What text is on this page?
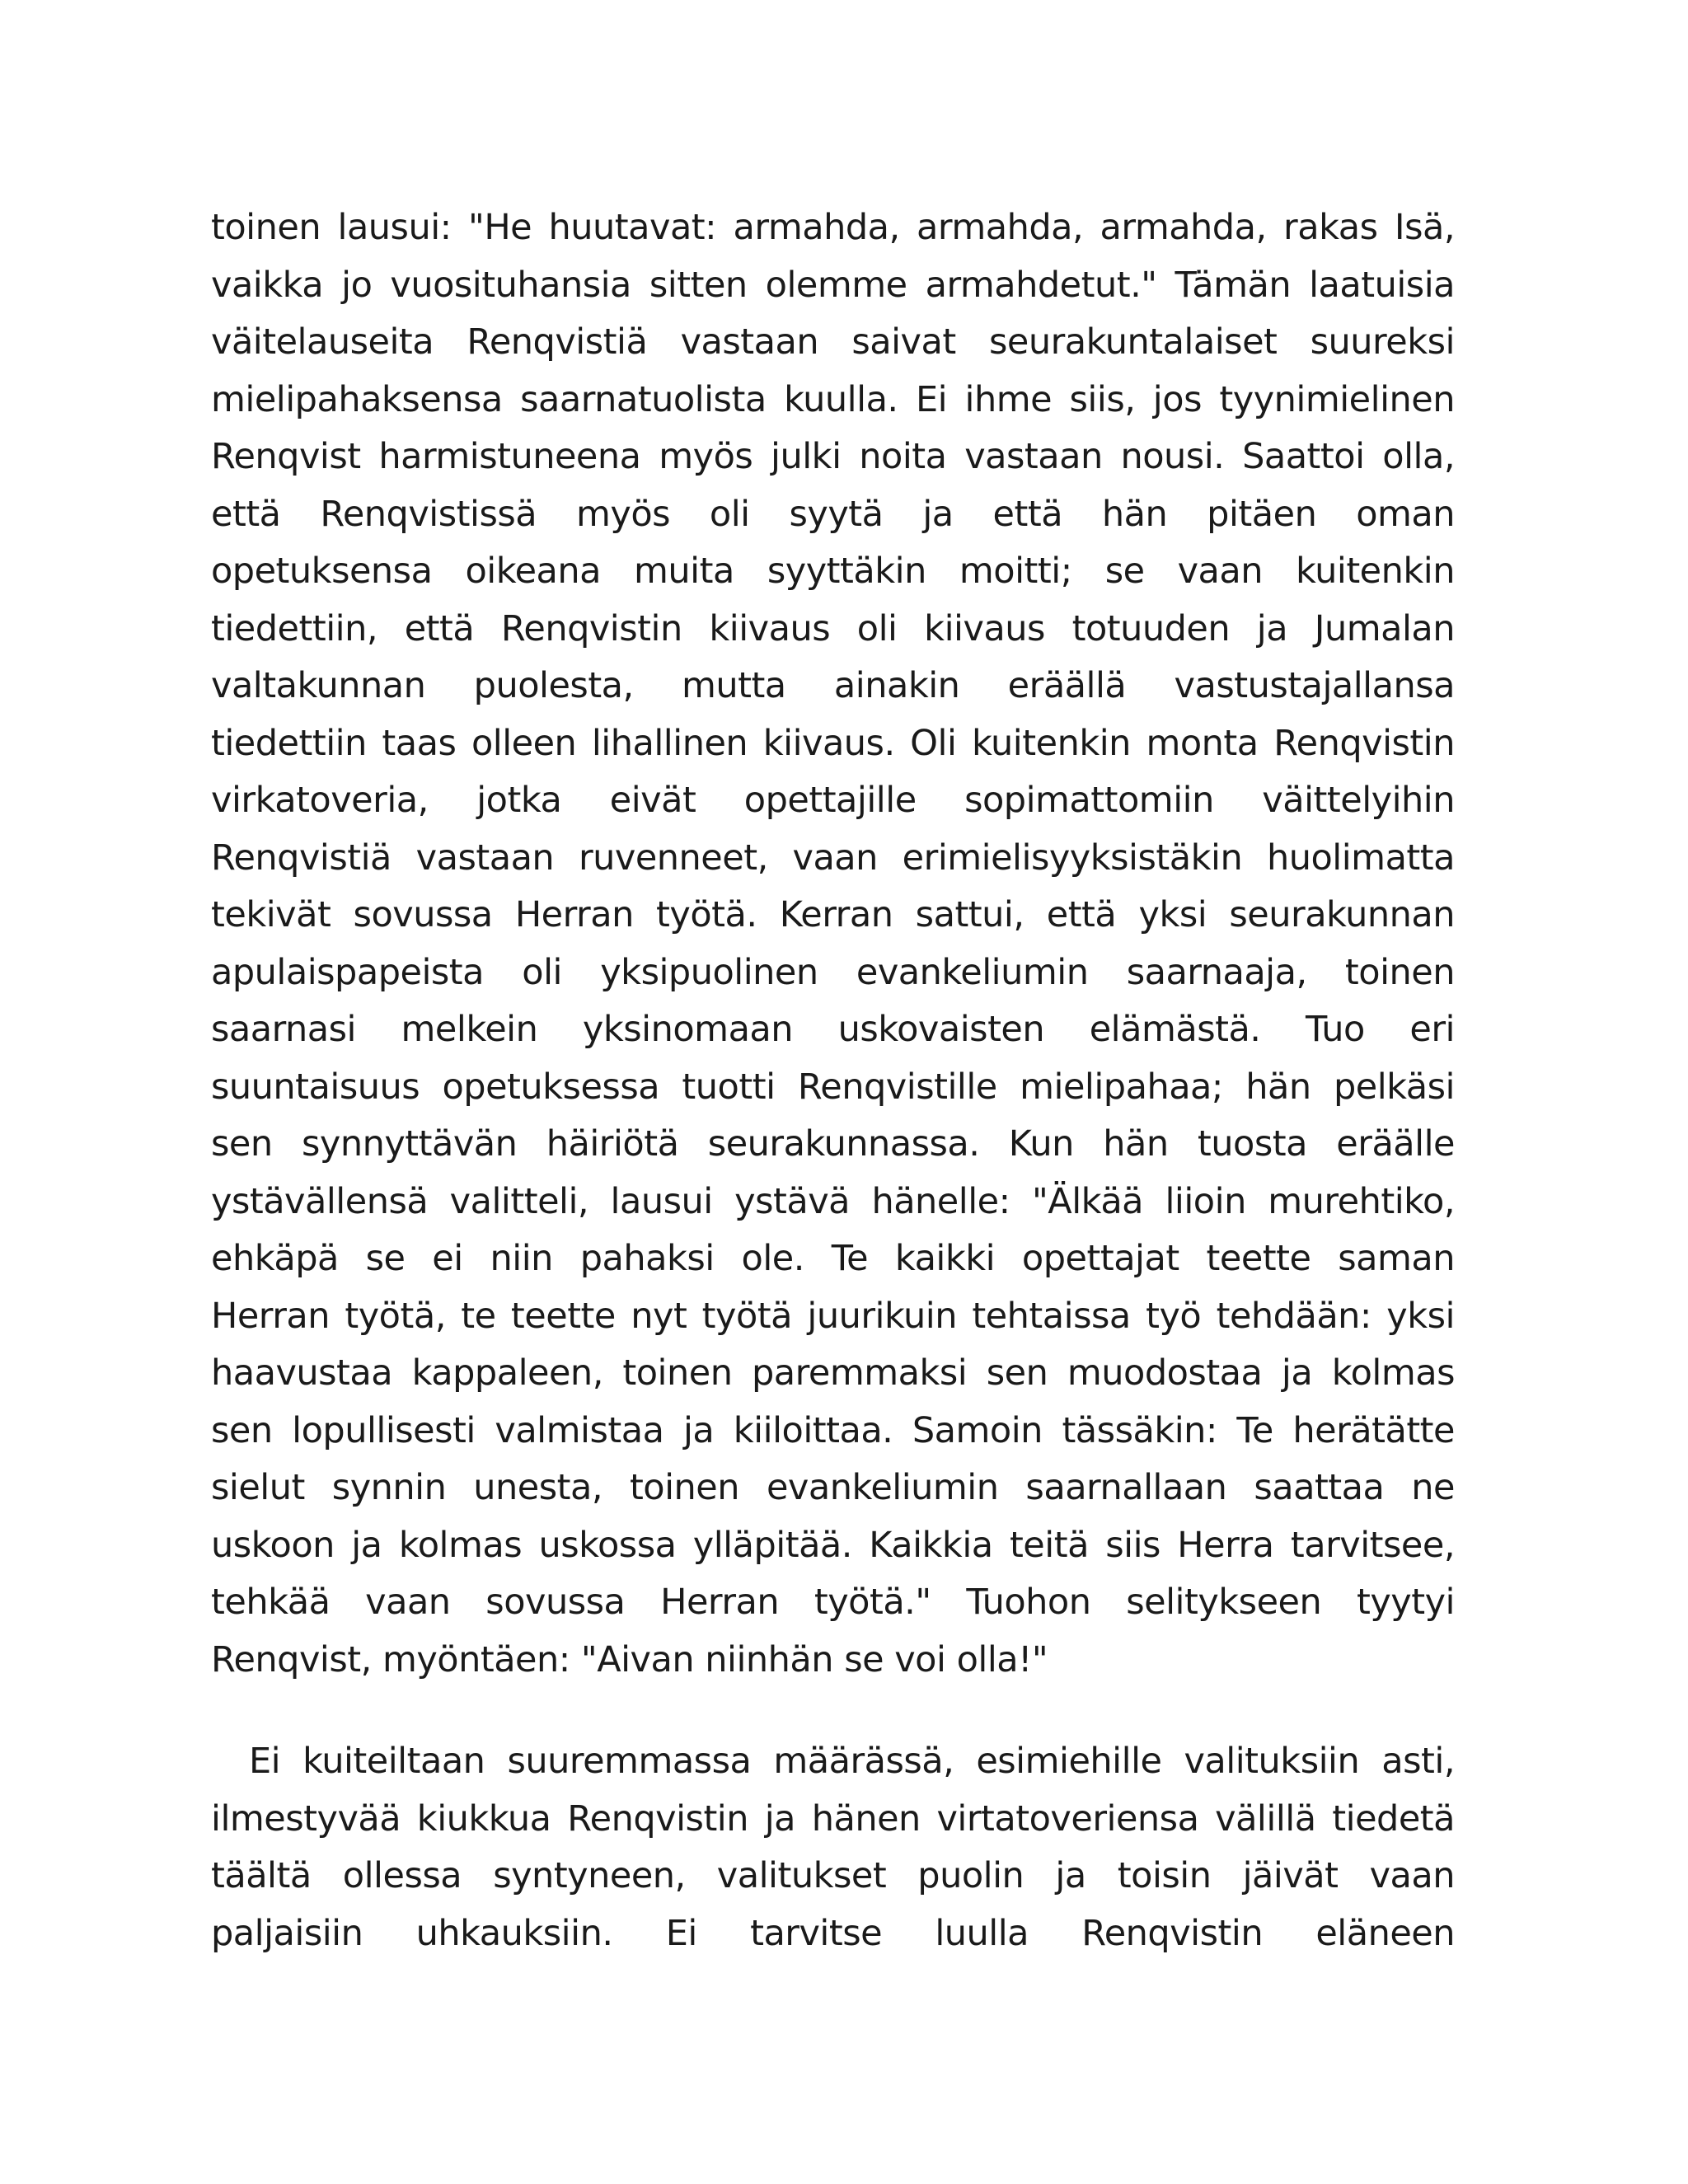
toinen lausui: "He huutavat: armahda, armahda, armahda, rakas Isä,
vaikka jo vuosituhansia sitten olemme armahdetut." Tämän laatuisia
väitelauseita Renqvistiä vastaan saivat seurakuntalaiset suureksi
mielipahaksensa saarnatuolista kuulla. Ei ihme siis, jos tyynimielinen
Renqvist harmistuneena myös julki noita vastaan nousi. Saattoi olla,
että Renqvistissä myös oli syytä ja että hän pitäen oman
opetuksensa oikeana muita syyttäkin moitti; se vaan kuitenkin
tiedettiin, että Renqvistin kiivaus oli kiivaus totuuden ja Jumalan
valtakunnan puolesta, mutta ainakin eräällä vastustajallansa
tiedettiin taas olleen lihallinen kiivaus. Oli kuitenkin monta Renqvistin
virkatoveria, jotka eivät opettajille sopimattomiin väittelyihin
Renqvistiä vastaan ruvenneet, vaan erimielisyyksistäkin huolimatta
tekivät sovussa Herran työtä. Kerran sattui, että yksi seurakunnan
apulaispapeista oli yksipuolinen evankeliumin saarnaaja, toinen
saarnasi melkein yksinomaan uskovaisten elämästä. Tuo eri
suuntaisuus opetuksessa tuotti Renqvistille mielipahaa; hän pelkäsi
sen synnyttävän häiriötä seurakunnassa. Kun hän tuosta eräälle
ystävällensä valitteli, lausui ystävä hänelle: "Älkää liioin murehtiko,
ehkäpä se ei niin pahaksi ole. Te kaikki opettajat teette saman
Herran työtä, te teette nyt työtä juurikuin tehtaissa työ tehdään: yksi
haavustaa kappaleen, toinen paremmaksi sen muodostaa ja kolmas
sen lopullisesti valmistaa ja kiiloittaa. Samoin tässäkin: Te herätätte
sielut synnin unesta, toinen evankeliumin saarnallaan saattaa ne
uskoon ja kolmas uskossa ylläpitää. Kaikkia teitä siis Herra tarvitsee,
tehkää vaan sovussa Herran työtä." Tuohon selitykseen tyytyi
Renqvist, myöntäen: "Aivan niinhän se voi olla!"
Ei kuiteiltaan suuremmassa määrässä, esimiehille valituksiin asti,
ilmestyvää kiukkua Renqvistin ja hänen virtatoveriensa välillä tiedetä
täältä ollessa syntyneen, valitukset puolin ja toisin jäivät vaan
paljaisiin uhkauksiin. Ei tarvitse luulla Renqvistin eläneen
